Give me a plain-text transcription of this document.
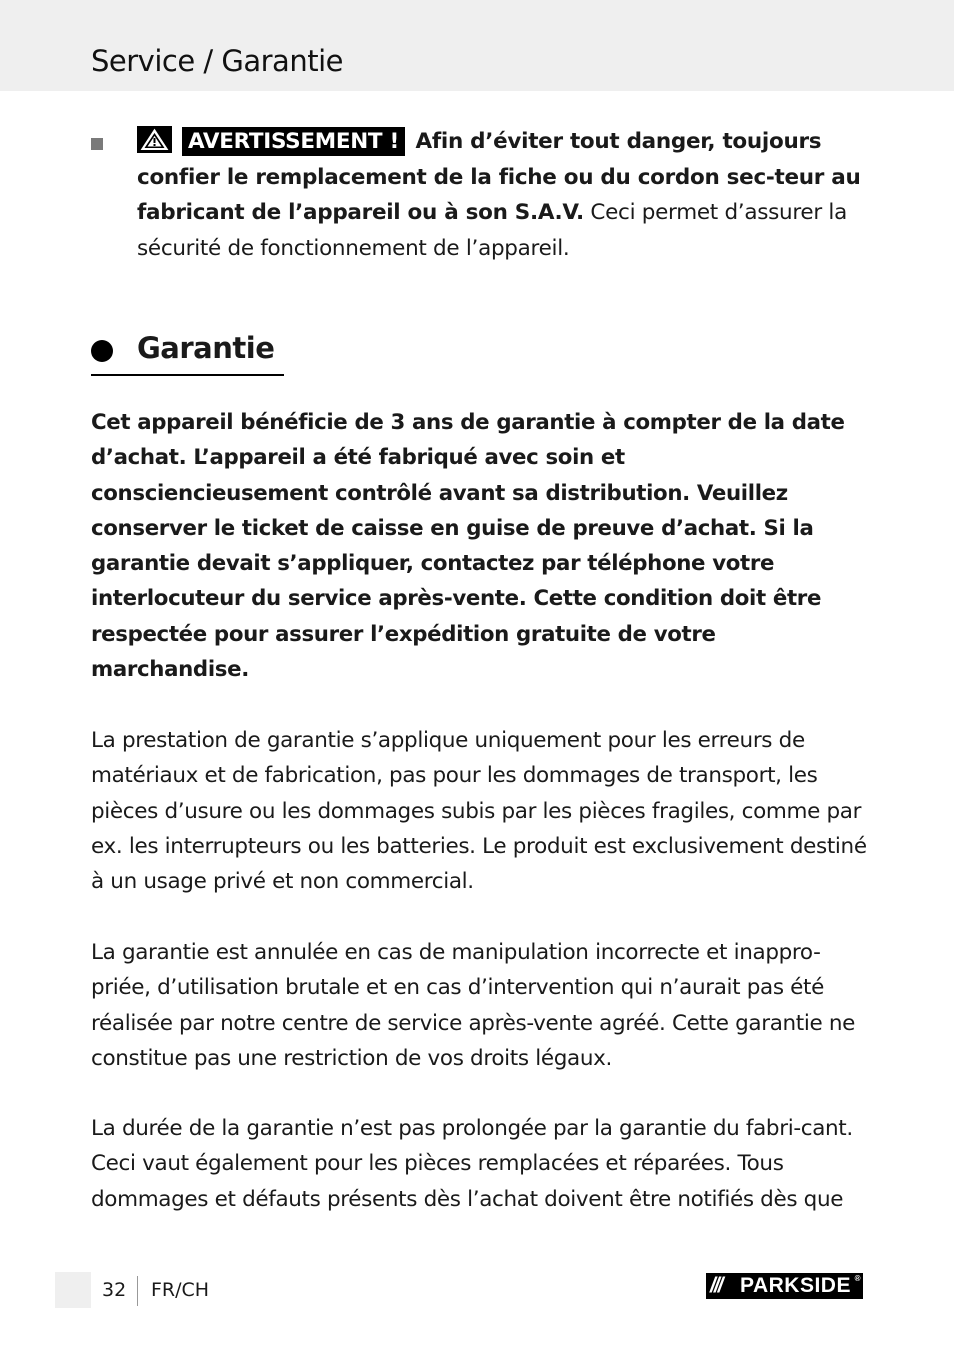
Service / Garantie
AVERTISSEMENT ! Afin d’éviter tout danger, toujours confier le remplacement de la fiche ou du cordon sec-teur au fabricant de l’appareil ou à son S.A.V. Ceci permet d’assurer la sécurité de fonctionnement de l’appareil.
Garantie
Cet appareil bénéficie de 3 ans de garantie à compter de la date d’achat. L’appareil a été fabriqué avec soin et consciencieusement contrôlé avant sa distribution. Veuillez conserver le ticket de caisse en guise de preuve d’achat. Si la garantie devait s’appliquer, contactez par téléphone votre interlocuteur du service après-vente. Cette condition doit être respectée pour assurer l’expédition gratuite de votre marchandise.
La prestation de garantie s’applique uniquement pour les erreurs de matériaux et de fabrication, pas pour les dommages de transport, les pièces d’usure ou les dommages subis par les pièces fragiles, comme par ex. les interrupteurs ou les batteries. Le produit est exclusivement destiné à un usage privé et non commercial.
La garantie est annulée en cas de manipulation incorrecte et inappro-priée, d’utilisation brutale et en cas d’intervention qui n’aurait pas été réalisée par notre centre de service après-vente agréé. Cette garantie ne constitue pas une restriction de vos droits légaux.
La durée de la garantie n’est pas prolongée par la garantie du fabri-cant. Ceci vaut également pour les pièces remplacées et réparées. Tous dommages et défauts présents dès l’achat doivent être notifiés dès que
32 FR/CH	/// PARKSIDE ®
